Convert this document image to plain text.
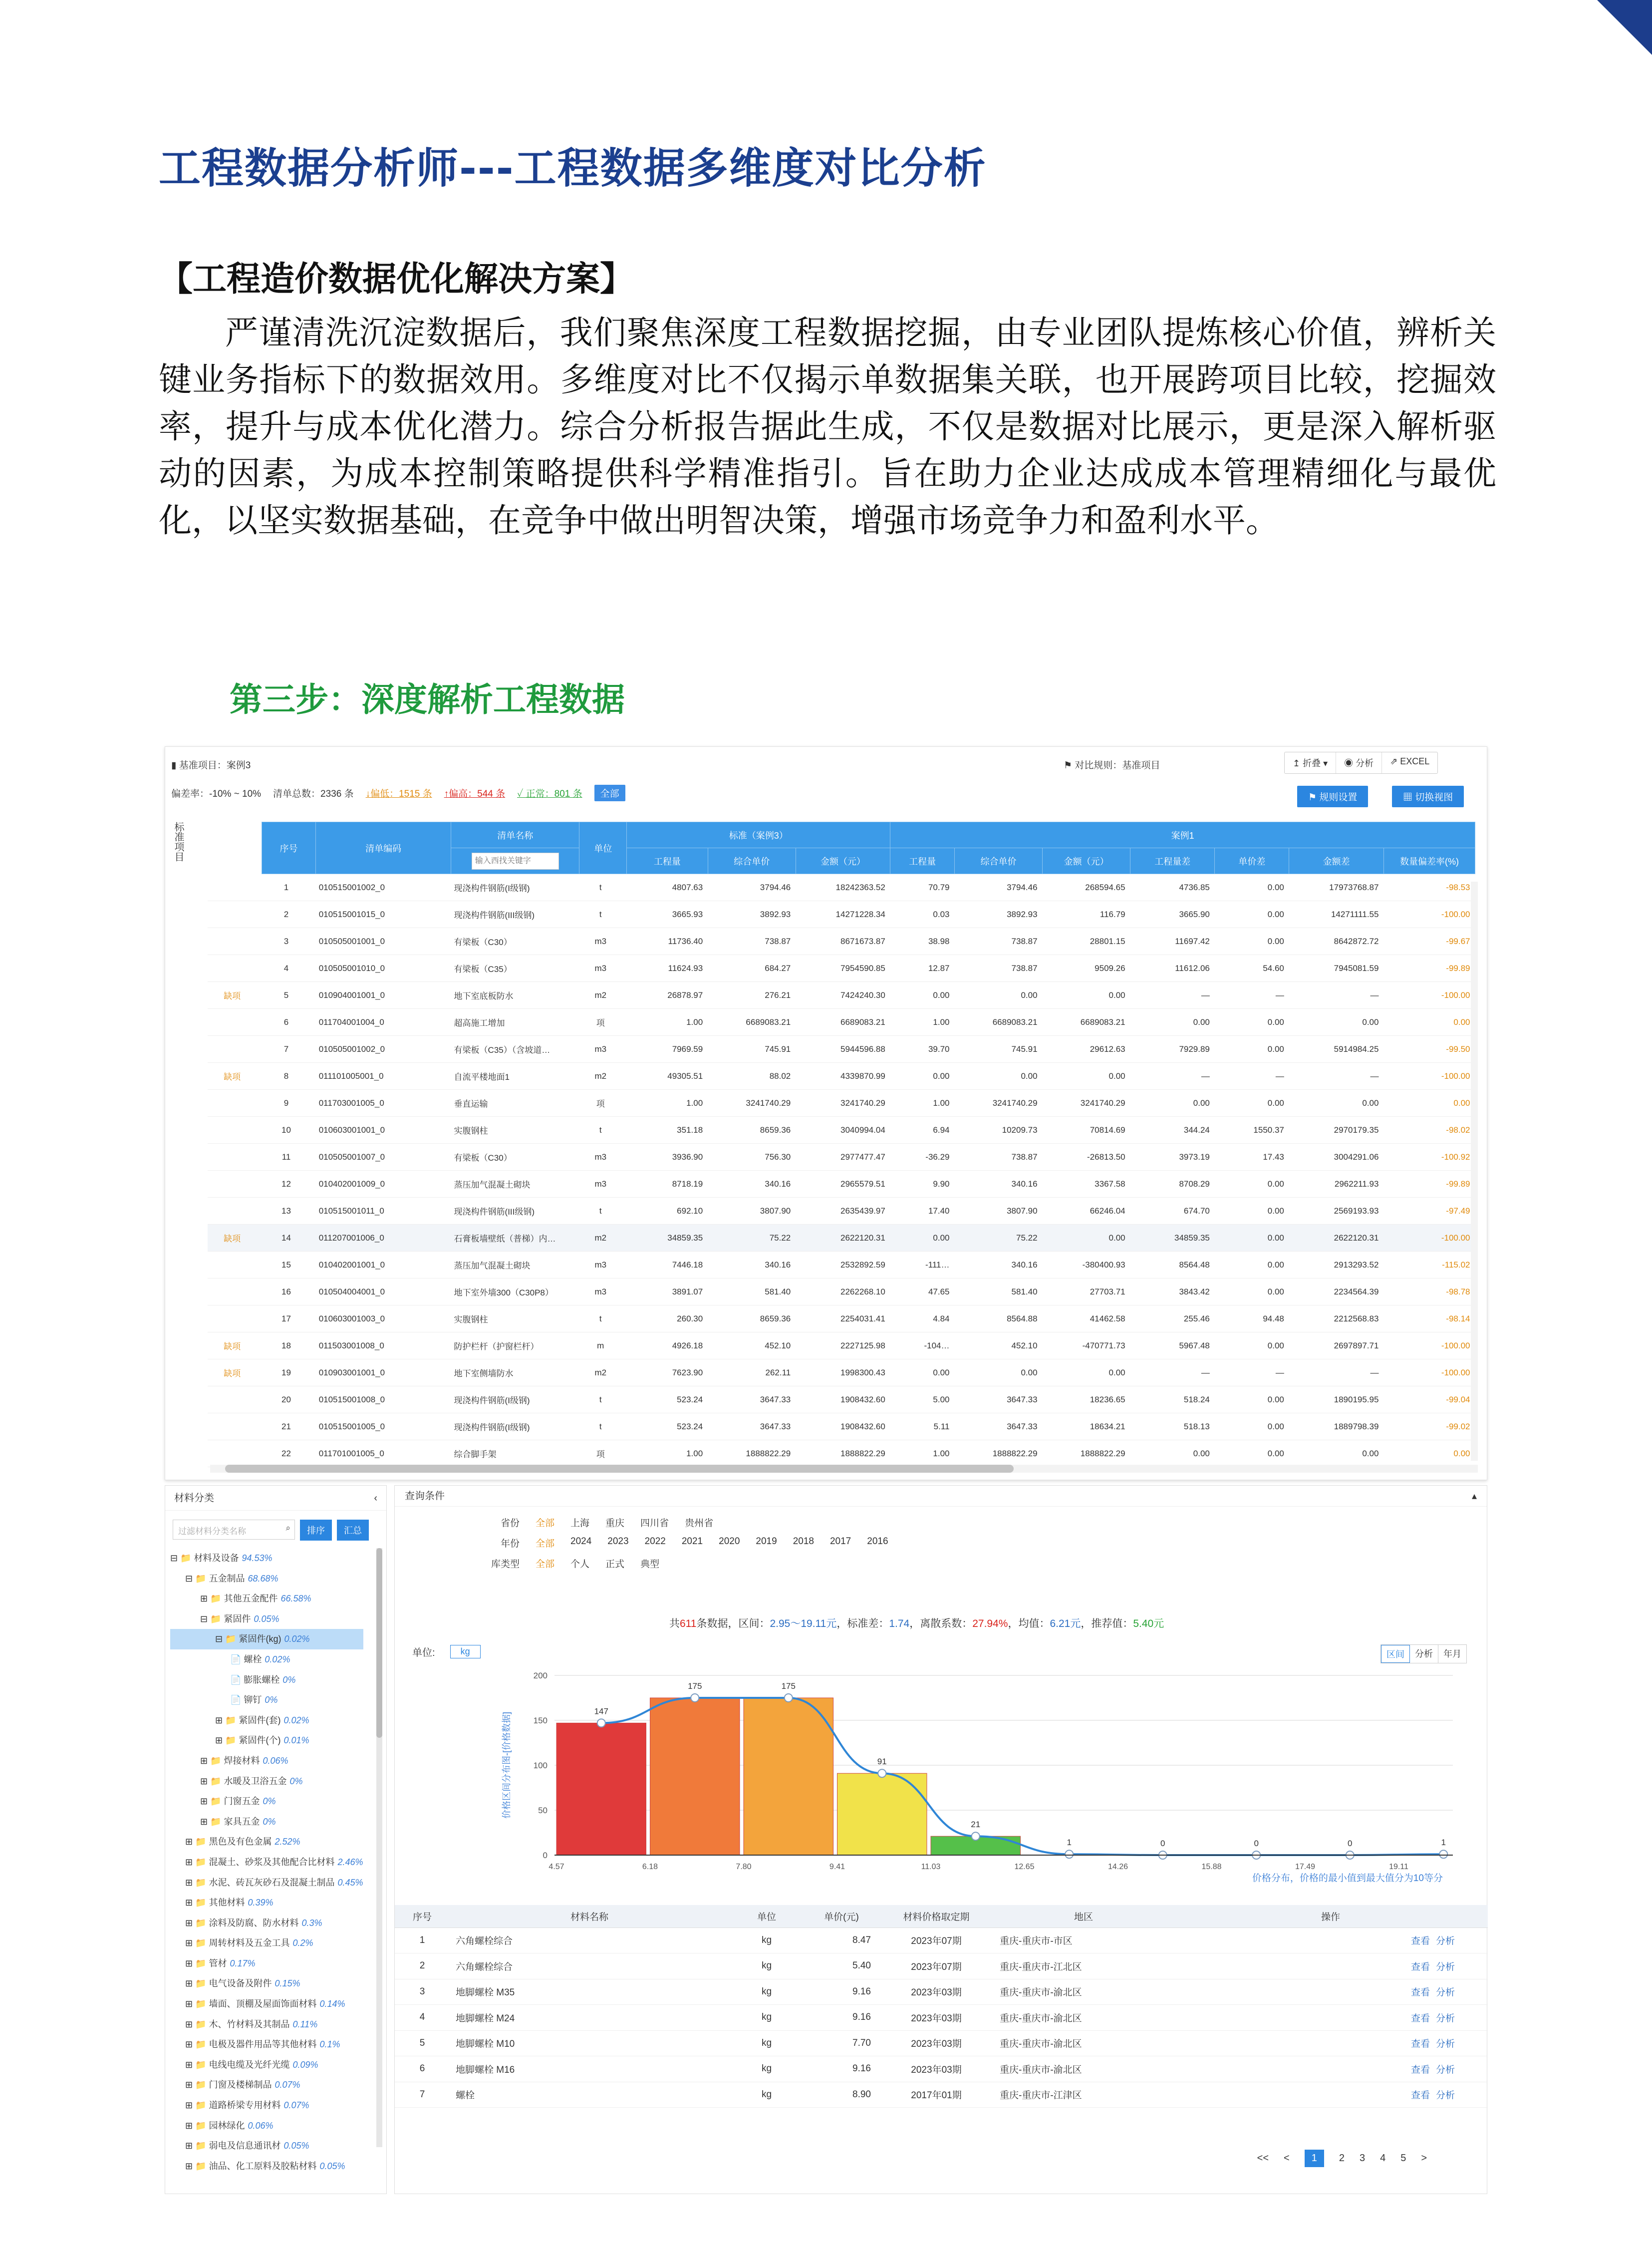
工程数据分析师---工程数据多维度对比分析
【工程造价数据优化解决方案】
严谨清洗沉淀数据后，我们聚焦深度工程数据挖掘，由专业团队提炼核心价值，辨析关键业务指标下的数据效用。多维度对比不仅揭示单数据集关联，也开展跨项目比较，挖掘效率，提升与成本优化潜力。综合分析报告据此生成，不仅是数据对比展示，更是深入解析驱动的因素，为成本控制策略提供科学精准指引。旨在助力企业达成成本管理精细化与最优化，以坚实数据基础，在竞争中做出明智决策，增强市场竞争力和盈利水平。
第三步：深度解析工程数据
▮ 基准项目：案例3	⚑ 对比规则：基准项目	↥ 折叠 ▾	◉ 分析	⇗ EXCEL
偏差率：-10% ~ 10% 清单总数：2336 条 ↓偏低：1515 条 ↑偏高：544 条 ✓ 正常：801 条	全部	⚑ 规则设置	▦ 切换视图
标准项目
		序号	清单编码	清单名称	单位	标准（案例3）			案例1						
输入西找关键字	工程量	综合单价	金额（元）	工程量	综合单价	金额（元）	工程量差	单价差	金额差	数量偏差率(%)
	1	010515001002_0	现浇构件钢筋(I级钢)	t	4807.63	3794.46	18242363.52	70.79	3794.46	268594.65	4736.85	0.00	17973768.87	-98.53
	2	010515001015_0	现浇构件钢筋(III级钢)	t	3665.93	3892.93	14271228.34	0.03	3892.93	116.79	3665.90	0.00	14271111.55	-100.00
	3	010505001001_0	有梁板（C30）	m3	11736.40	738.87	8671673.87	38.98	738.87	28801.15	11697.42	0.00	8642872.72	-99.67
	4	010505001010_0	有梁板（C35）	m3	11624.93	684.27	7954590.85	12.87	738.87	9509.26	11612.06	54.60	7945081.59	-99.89
缺项	5	010904001001_0	地下室底板防水	m2	26878.97	276.21	7424240.30	0.00	0.00	0.00	—	—	—	-100.00
	6	011704001004_0	超高施工增加	项	1.00	6689083.21	6689083.21	1.00	6689083.21	6689083.21	0.00	0.00	0.00	0.00
	7	010505001002_0	有梁板（C35）（含坡道…	m3	7969.59	745.91	5944596.88	39.70	745.91	29612.63	7929.89	0.00	5914984.25	-99.50
缺项	8	011101005001_0	自流平楼地面1	m2	49305.51	88.02	4339870.99	0.00	0.00	0.00	—	—	—	-100.00
	9	011703001005_0	垂直运输	项	1.00	3241740.29	3241740.29	1.00	3241740.29	3241740.29	0.00	0.00	0.00	0.00
	10	010603001001_0	实腹钢柱	t	351.18	8659.36	3040994.04	6.94	10209.73	70814.69	344.24	1550.37	2970179.35	-98.02
	11	010505001007_0	有梁板（C30）	m3	3936.90	756.30	2977477.47	-36.29	738.87	-26813.50	3973.19	17.43	3004291.06	-100.92
	12	010402001009_0	蒸压加气混凝土砌块	m3	8718.19	340.16	2965579.51	9.90	340.16	3367.58	8708.29	0.00	2962211.93	-99.89
	13	010515001011_0	现浇构件钢筋(III级钢)	t	692.10	3807.90	2635439.97	17.40	3807.90	66246.04	674.70	0.00	2569193.93	-97.49
缺项	14	011207001006_0	石膏板墙壁纸（普梯）内…	m2	34859.35	75.22	2622120.31	0.00	75.22	0.00	34859.35	0.00	2622120.31	-100.00
	15	010402001001_0	蒸压加气混凝土砌块	m3	7446.18	340.16	2532892.59	-111…	340.16	-380400.93	8564.48	0.00	2913293.52	-115.02
	16	010504004001_0	地下室外墙300（C30P8）	m3	3891.07	581.40	2262268.10	47.65	581.40	27703.71	3843.42	0.00	2234564.39	-98.78
	17	010603001003_0	实腹钢柱	t	260.30	8659.36	2254031.41	4.84	8564.88	41462.58	255.46	94.48	2212568.83	-98.14
缺项	18	011503001008_0	防护栏杆（护窗栏杆）	m	4926.18	452.10	2227125.98	-104…	452.10	-470771.73	5967.48	0.00	2697897.71	-100.00
缺项	19	010903001001_0	地下室侧墙防水	m2	7623.90	262.11	1998300.43	0.00	0.00	0.00	—	—	—	-100.00
	20	010515001008_0	现浇构件钢筋(I级钢)	t	523.24	3647.33	1908432.60	5.00	3647.33	18236.65	518.24	0.00	1890195.95	-99.04
	21	010515001005_0	现浇构件钢筋(I级钢)	t	523.24	3647.33	1908432.60	5.11	3647.33	18634.21	518.13	0.00	1889798.39	-99.02
	22	011701001005_0	综合脚手架	项	1.00	1888822.29	1888822.29	1.00	1888822.29	1888822.29	0.00	0.00	0.00	0.00
材料分类	‹
过滤材料分类名称	⌕	排序	汇总
⊟ 📁 材料及设备 94.53%
⊟ 📁 五金制品 68.68%
⊞ 📁 其他五金配件 66.58%
⊟ 📁 紧固件 0.05%
⊟ 📁 紧固件(kg) 0.02%
📄 螺栓 0.02%
📄 膨胀螺栓 0%
📄 铆钉 0%
⊞ 📁 紧固件(套) 0.02%
⊞ 📁 紧固件(个) 0.01%
⊞ 📁 焊接材料 0.06%
⊞ 📁 水暖及卫浴五金 0%
⊞ 📁 门窗五金 0%
⊞ 📁 家具五金 0%
⊞ 📁 黑色及有色金属 2.52%
⊞ 📁 混凝土、砂浆及其他配合比材料 2.46%
⊞ 📁 水泥、砖瓦灰砂石及混凝土制品 0.45%
⊞ 📁 其他材料 0.39%
⊞ 📁 涂料及防腐、防水材料 0.3%
⊞ 📁 周转材料及五金工具 0.2%
⊞ 📁 管材 0.17%
⊞ 📁 电气设备及附件 0.15%
⊞ 📁 墙面、顶棚及屋面饰面材料 0.14%
⊞ 📁 木、竹材料及其制品 0.11%
⊞ 📁 电极及器件用品等其他材料 0.1%
⊞ 📁 电线电缆及光纤光缆 0.09%
⊞ 📁 门窗及楼梯制品 0.07%
⊞ 📁 道路桥梁专用材料 0.07%
⊞ 📁 园林绿化 0.06%
⊞ 📁 弱电及信息通讯材 0.05%
⊞ 📁 油品、化工原料及胶粘材料 0.05%
查询条件	▴
省份 全部 上海 重庆 四川省 贵州省
年份 全部 2024 2023 2022 2021 2020 2019 2018 2017 2016
库类型 全部 个人 正式 典型
共611条数据，区间：2.95～19.11元，标准差：1.74，离散系数：27.94%，均值：6.21元，推荐值：5.40元
单位:	kg	区间	分析	年月
0
50
100
150
200
价格区间分布图-[价格数据]
4.57
147
6.18
175
7.80
175
9.41
91
11.03
21
12.65
1
14.26
0
15.88
0
17.49
0
19.11
1
价格分布，价格的最小值到最大值分为10等分
序号	材料名称	单位	单价(元)	材料价格取定期	地区	操作
1	六角螺栓综合	kg	8.47	2023年07期	重庆-重庆市-市区	查看 分析
2	六角螺栓综合	kg	5.40	2023年07期	重庆-重庆市-江北区	查看 分析
3	地脚螺栓 M35	kg	9.16	2023年03期	重庆-重庆市-渝北区	查看 分析
4	地脚螺栓 M24	kg	9.16	2023年03期	重庆-重庆市-渝北区	查看 分析
5	地脚螺栓 M10	kg	7.70	2023年03期	重庆-重庆市-渝北区	查看 分析
6	地脚螺栓 M16	kg	9.16	2023年03期	重庆-重庆市-渝北区	查看 分析
7	螺栓	kg	8.90	2017年01期	重庆-重庆市-江津区	查看 分析
<< <	1	2 3 4 5 >
